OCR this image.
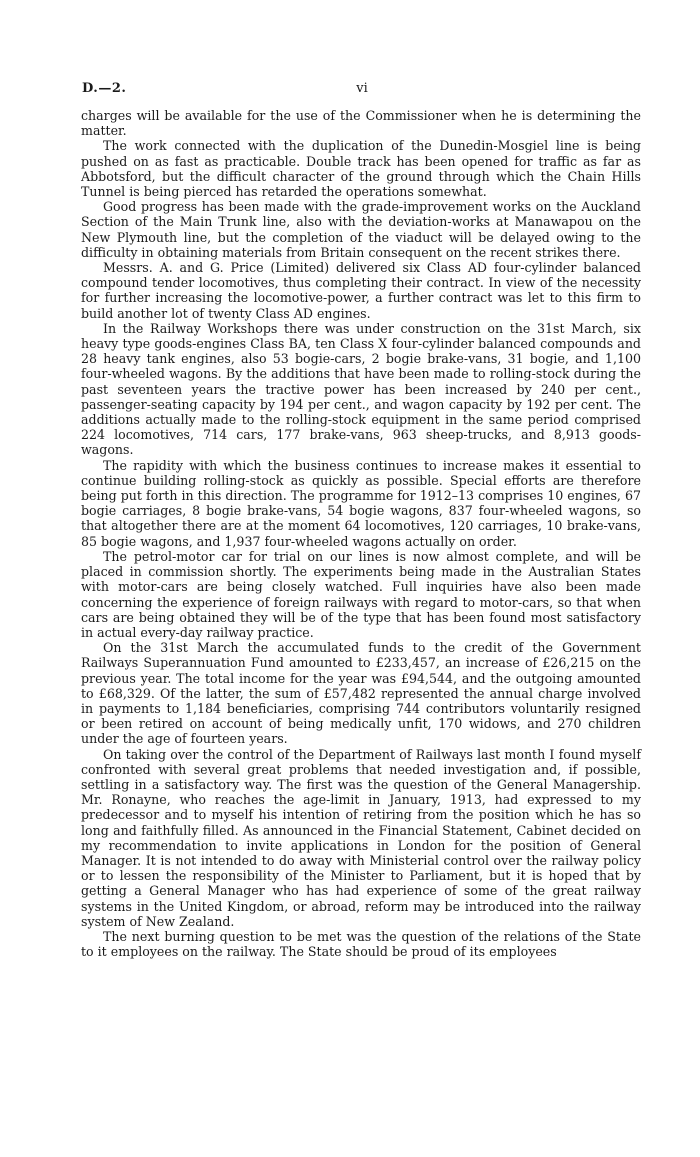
D.—2.	vi

charges will be available for the use of the Commissioner when he is determining the matter.

The work connected with the duplication of the Dunedin-Mosgiel line is being pushed on as fast as practicable. Double track has been opened for traffic as far as Abbotsford, but the difficult character of the ground through which the Chain Hills Tunnel is being pierced has retarded the operations somewhat.

Good progress has been made with the grade-improvement works on the Auckland Section of the Main Trunk line, also with the deviation-works at Manawapou on the New Plymouth line, but the completion of the viaduct will be delayed owing to the difficulty in obtaining materials from Britain consequent on the recent strikes there.

Messrs. A. and G. Price (Limited) delivered six Class AD four-cylinder balanced compound tender locomotives, thus completing their contract. In view of the necessity for further increasing the locomotive-power, a further contract was let to this firm to build another lot of twenty Class AD engines.

In the Railway Workshops there was under construction on the 31st March, six heavy type goods-engines Class BA, ten Class X four-cylinder balanced compounds and 28 heavy tank engines, also 53 bogie-cars, 2 bogie brake-vans, 31 bogie, and 1,100 four-wheeled wagons. By the additions that have been made to rolling-stock during the past seventeen years the tractive power has been increased by 240 per cent., passenger-seating capacity by 194 per cent., and wagon capacity by 192 per cent. The additions actually made to the rolling-stock equipment in the same period comprised 224 locomotives, 714 cars, 177 brake-vans, 963 sheep-trucks, and 8,913 goods-wagons.

The rapidity with which the business continues to increase makes it essential to continue building rolling-stock as quickly as possible. Special efforts are therefore being put forth in this direction. The programme for 1912–13 comprises 10 engines, 67 bogie carriages, 8 bogie brake-vans, 54 bogie wagons, 837 four-wheeled wagons, so that altogether there are at the moment 64 locomotives, 120 carriages, 10 brake-vans, 85 bogie wagons, and 1,937 four-wheeled wagons actually on order.

The petrol-motor car for trial on our lines is now almost complete, and will be placed in commission shortly. The experiments being made in the Australian States with motor-cars are being closely watched. Full inquiries have also been made concerning the experience of foreign railways with regard to motor-cars, so that when cars are being obtained they will be of the type that has been found most satisfactory in actual every-day railway practice.

On the 31st March the accumulated funds to the credit of the Government Railways Superannuation Fund amounted to £233,457, an increase of £26,215 on the previous year. The total income for the year was £94,544, and the outgoing amounted to £68,329. Of the latter, the sum of £57,482 represented the annual charge involved in payments to 1,184 beneficiaries, comprising 744 contributors voluntarily resigned or been retired on account of being medically unfit, 170 widows, and 270 children under the age of fourteen years.

On taking over the control of the Department of Railways last month I found myself confronted with several great problems that needed investigation and, if possible, settling in a satisfactory way. The first was the question of the General Managership. Mr. Ronayne, who reaches the age-limit in January, 1913, had expressed to my predecessor and to myself his intention of retiring from the position which he has so long and faithfully filled. As announced in the Financial Statement, Cabinet decided on my recommendation to invite applications in London for the position of General Manager. It is not intended to do away with Ministerial control over the railway policy or to lessen the responsibility of the Minister to Parliament, but it is hoped that by getting a General Manager who has had experience of some of the great railway systems in the United Kingdom, or abroad, reform may be introduced into the railway system of New Zealand.

The next burning question to be met was the question of the relations of the State to it employees on the railway. The State should be proud of its employees
